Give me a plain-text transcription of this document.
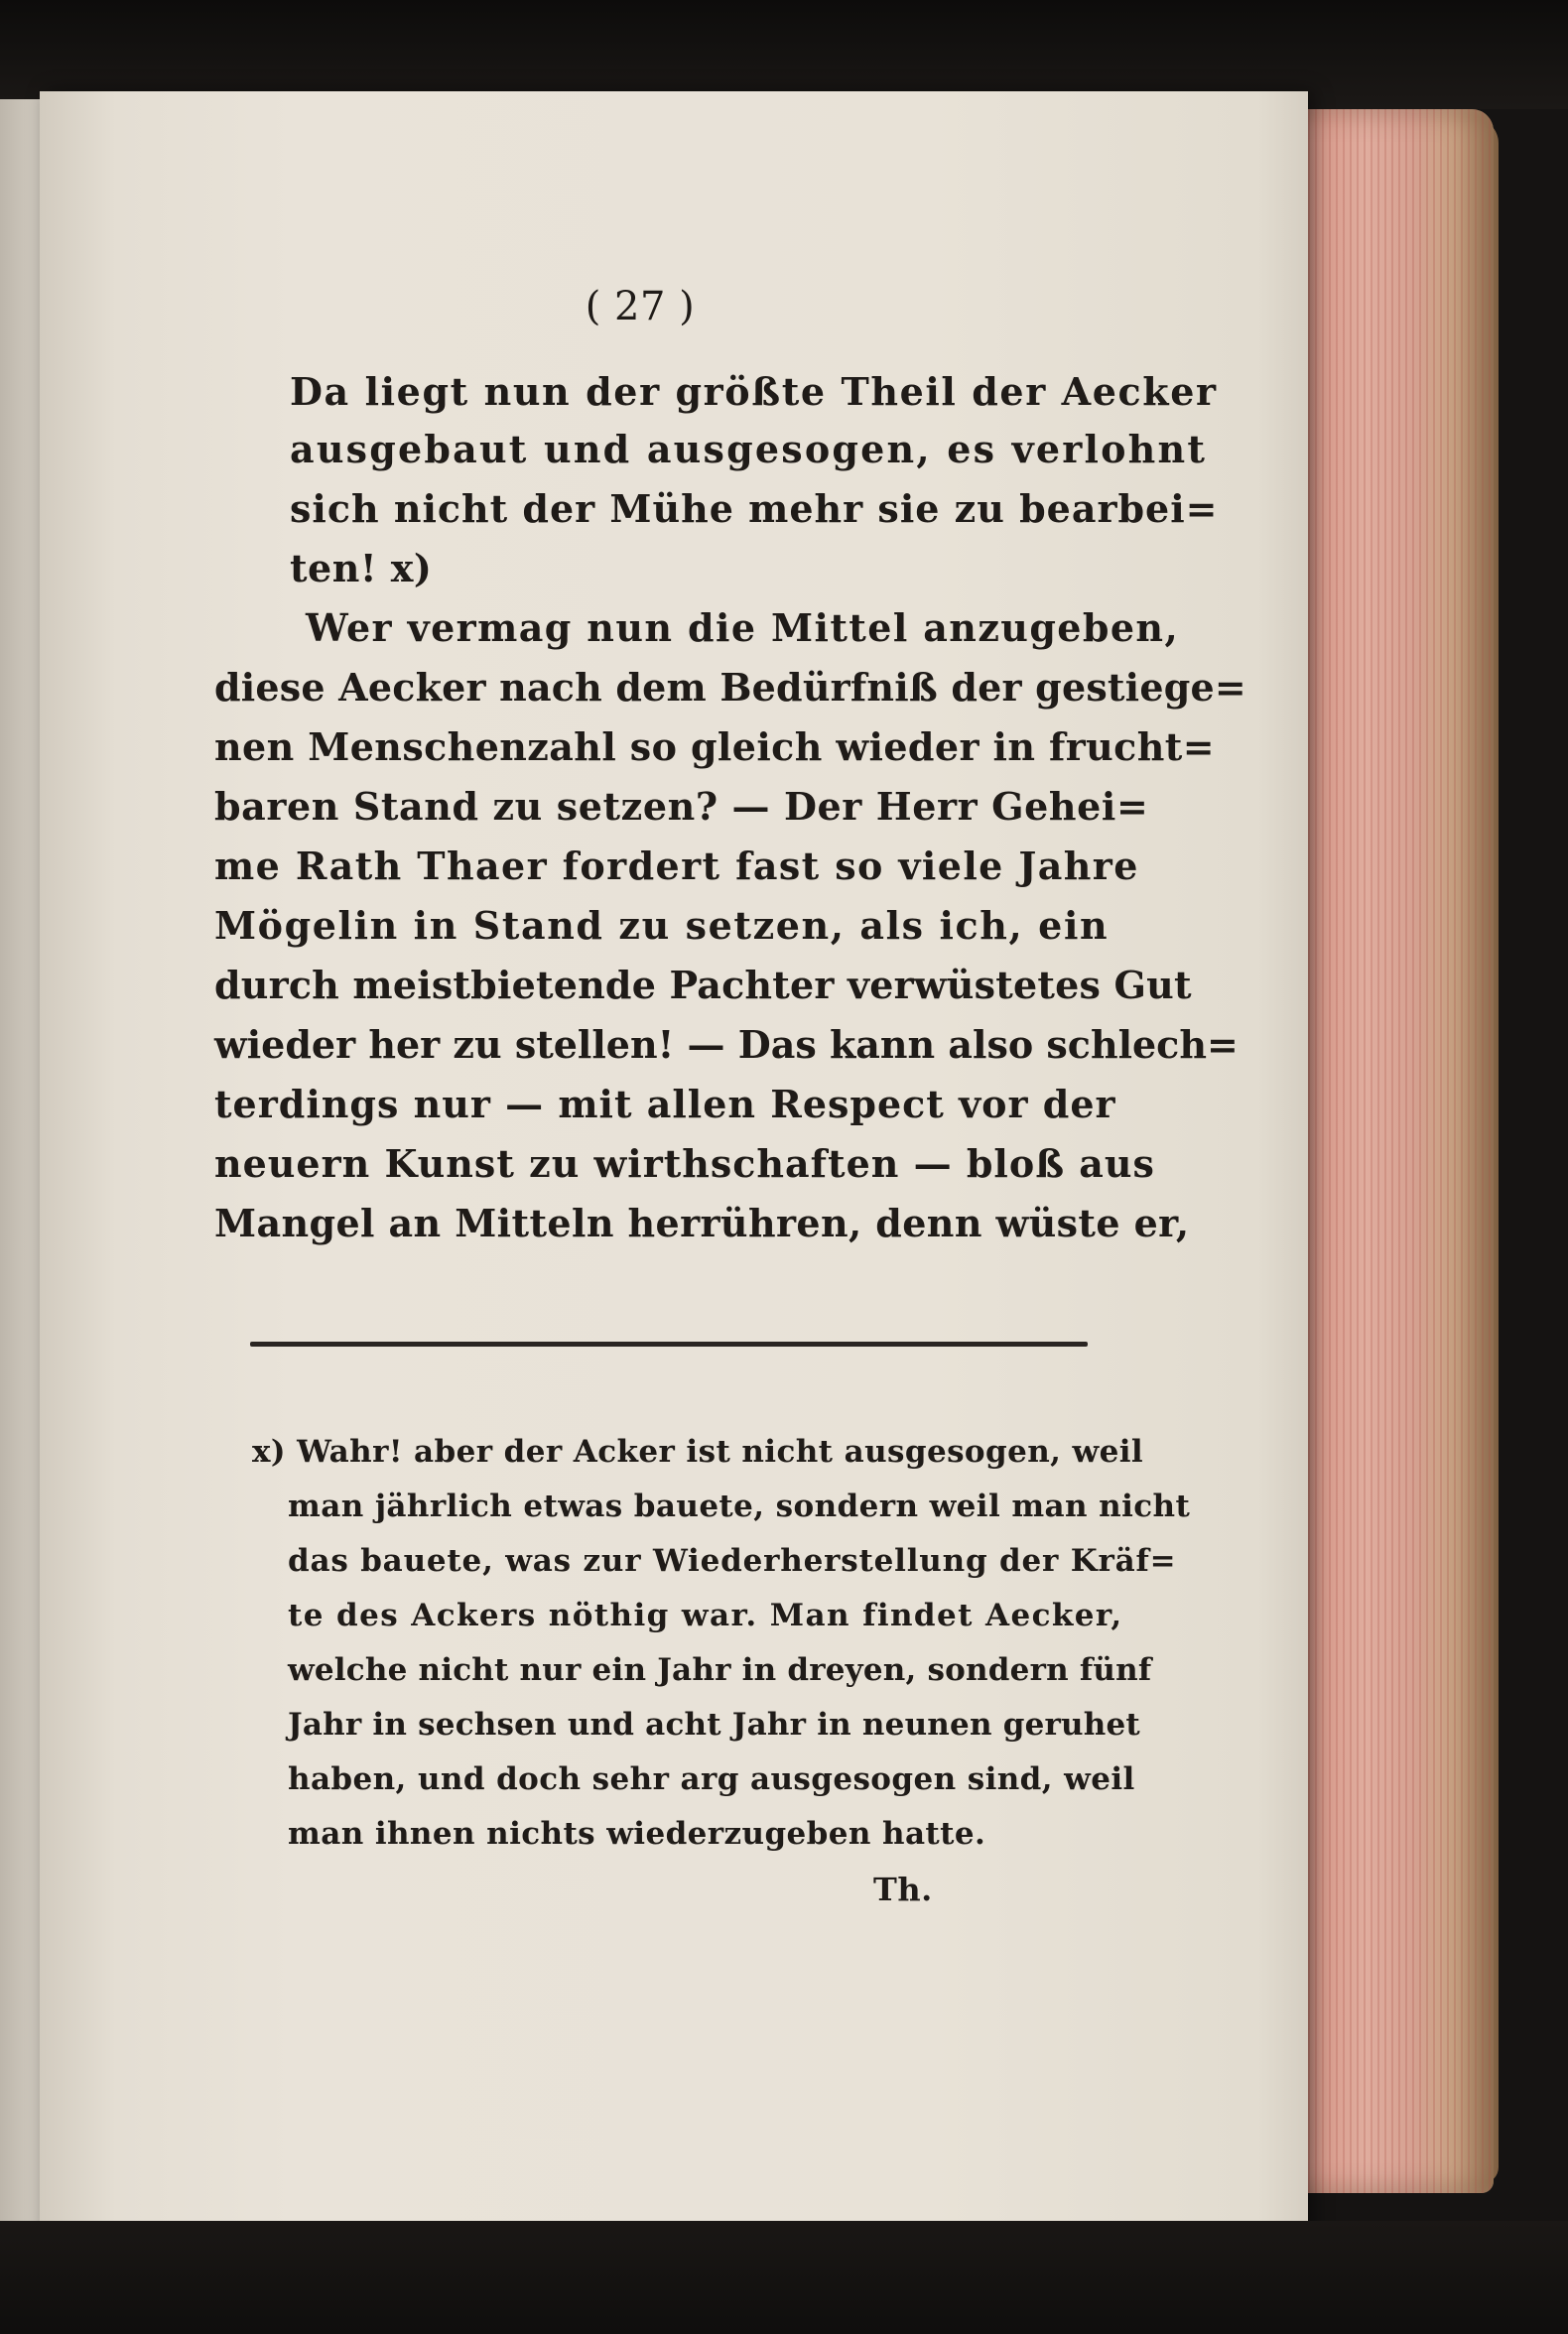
( 27 )
Da liegt nun der größte Theil der Aecker
ausgebaut und ausgesogen, es verlohnt
sich nicht der Mühe mehr sie zu bearbei=
ten! x)
Wer vermag nun die Mittel anzugeben,
diese Aecker nach dem Bedürfniß der gestiege=
nen Menschenzahl so gleich wieder in frucht=
baren Stand zu setzen? — Der Herr Gehei=
me Rath Thaer fordert fast so viele Jahre
Mögelin in Stand zu setzen, als ich, ein
durch meistbietende Pachter verwüstetes Gut
wieder her zu stellen! — Das kann also schlech=
terdings nur — mit allen Respect vor der
neuern Kunst zu wirthschaften — bloß aus
Mangel an Mitteln herrühren, denn wüste er,
x) Wahr! aber der Acker ist nicht ausgesogen, weil
man jährlich etwas bauete, sondern weil man nicht
das bauete, was zur Wiederherstellung der Kräf=
te des Ackers nöthig war. Man findet Aecker,
welche nicht nur ein Jahr in dreyen, sondern fünf
Jahr in sechsen und acht Jahr in neunen geruhet
haben, und doch sehr arg ausgesogen sind, weil
man ihnen nichts wiederzugeben hatte.
Th.
